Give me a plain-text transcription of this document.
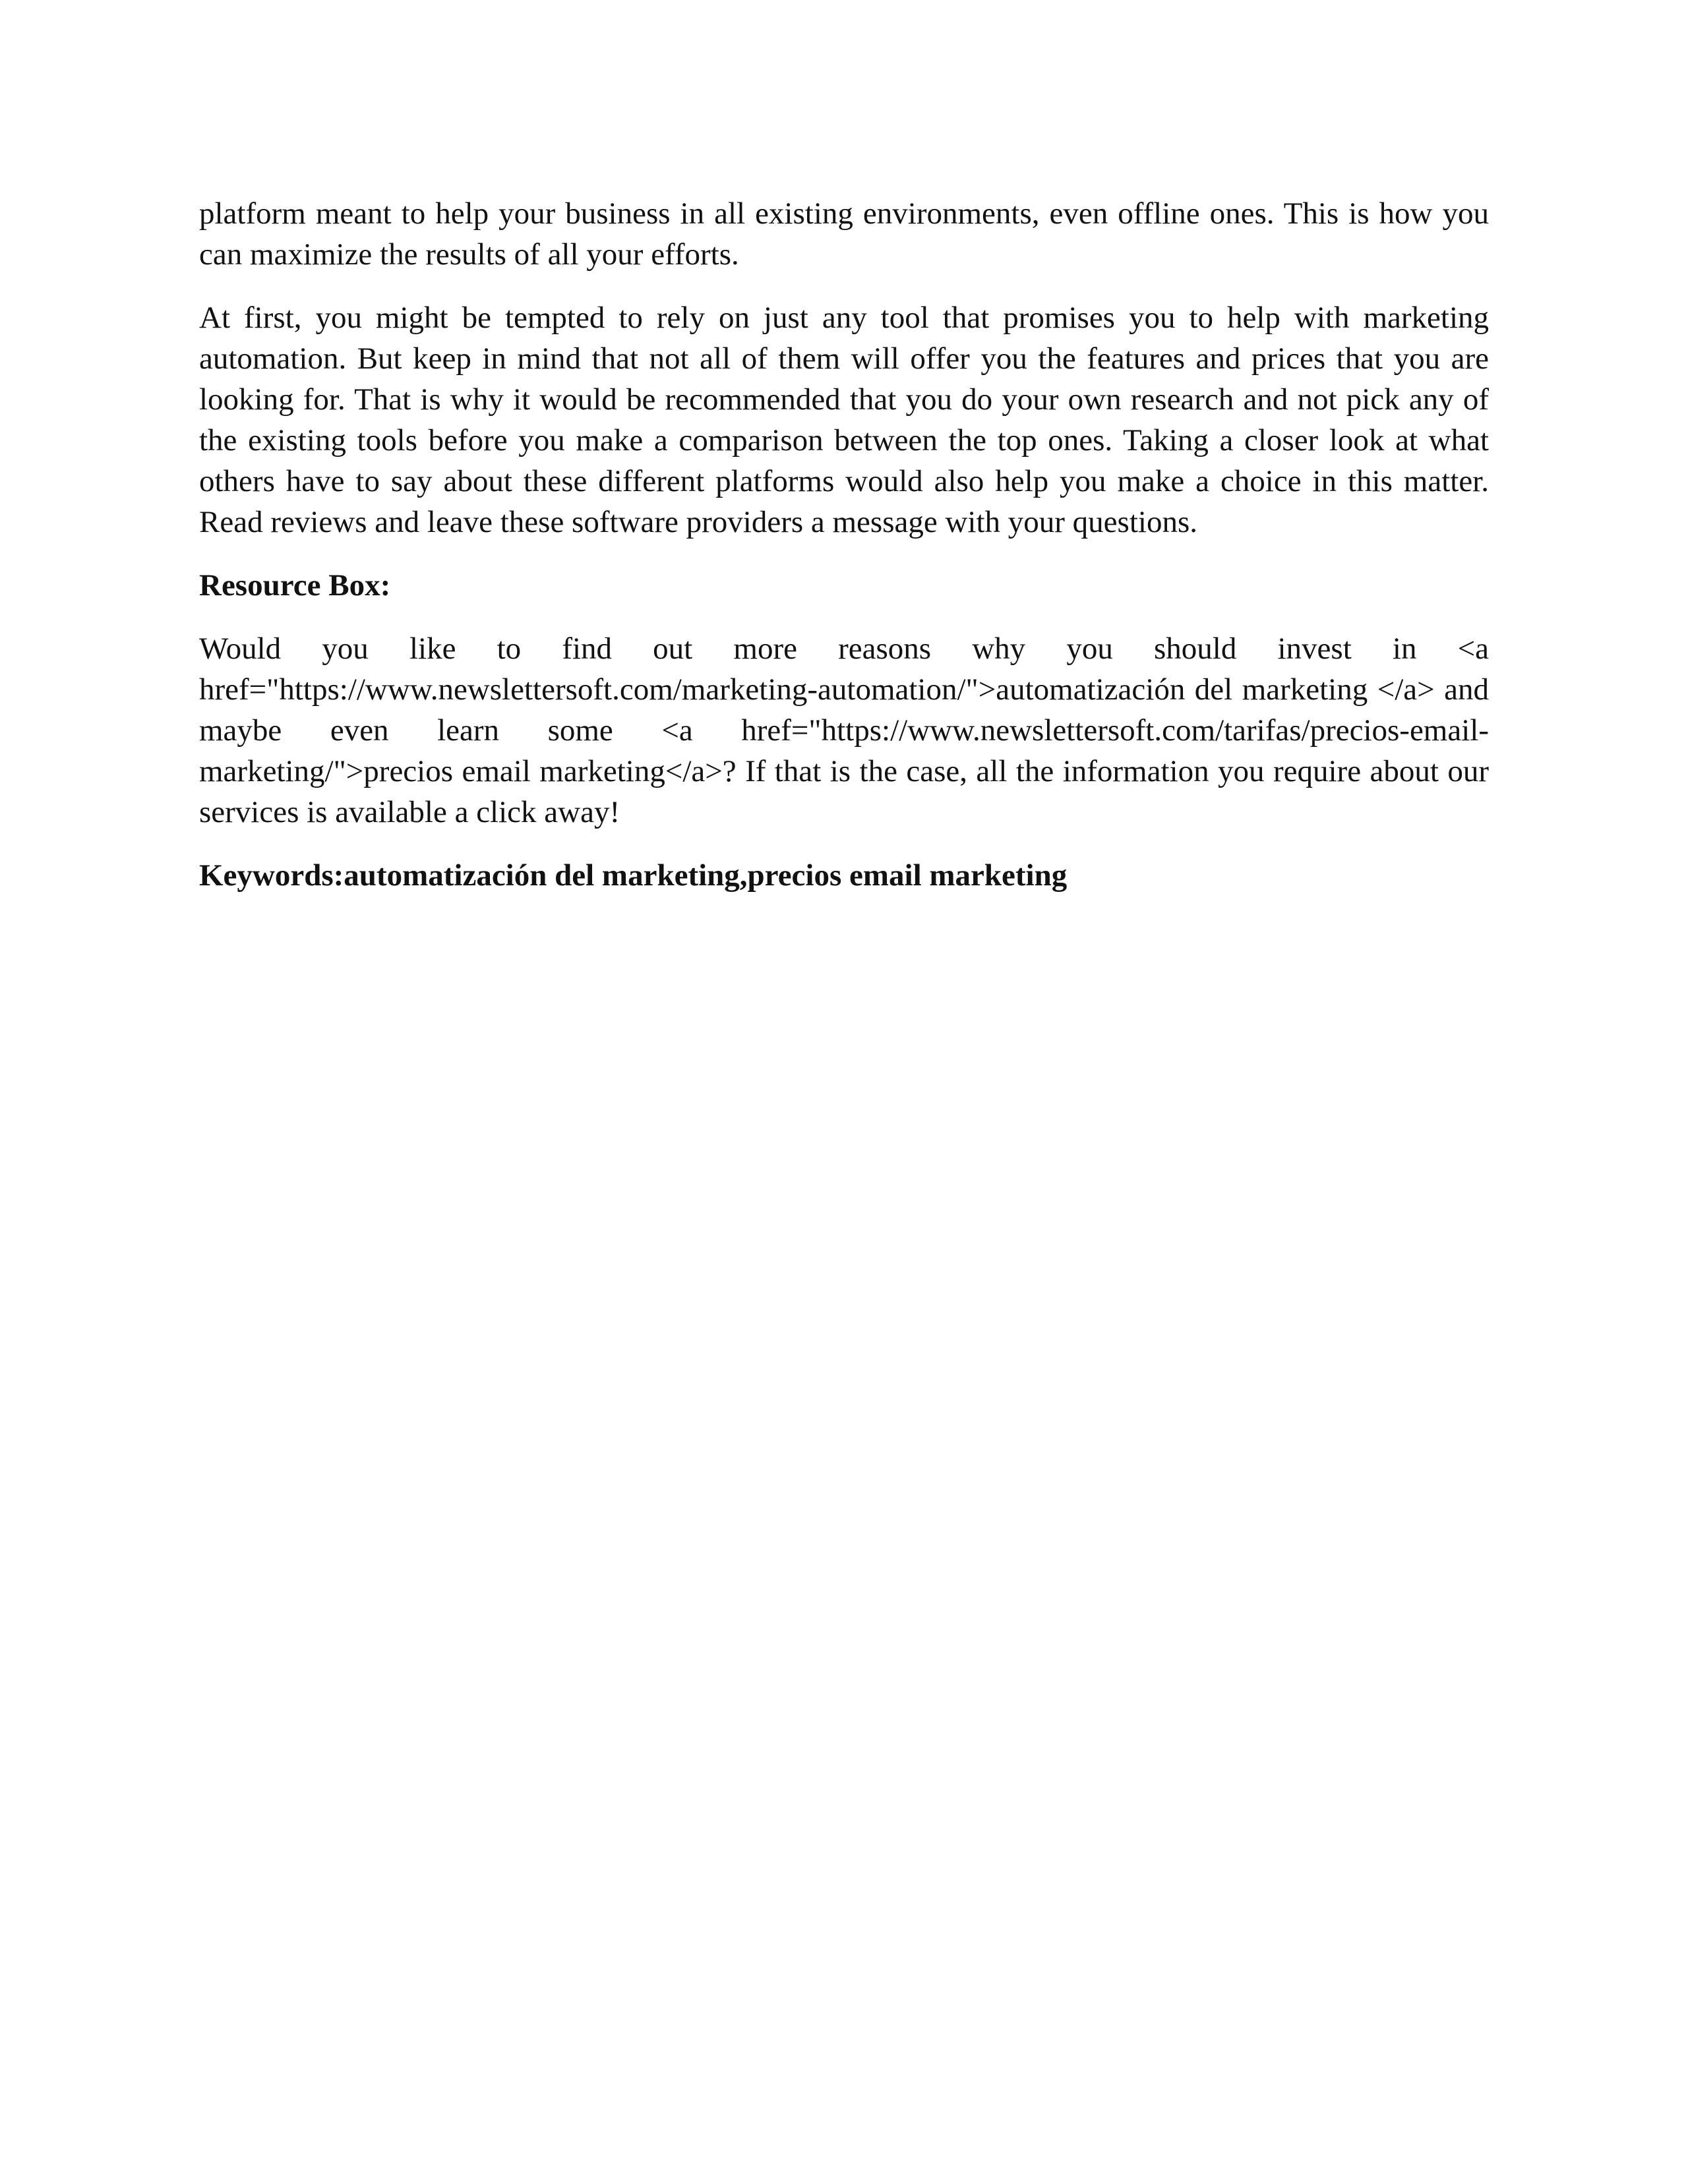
platform meant to help your business in all existing environments, even offline ones. This is how you can maximize the results of all your efforts.

At first, you might be tempted to rely on just any tool that promises you to help with marketing automation. But keep in mind that not all of them will offer you the features and prices that you are looking for. That is why it would be recommended that you do your own research and not pick any of the existing tools before you make a comparison between the top ones. Taking a closer look at what others have to say about these different platforms would also help you make a choice in this matter. Read reviews and leave these software providers a message with your questions.

Resource Box:

Would you like to find out more reasons why you should invest in <a href="https://www.newslettersoft.com/marketing-automation/">automatización del marketing </a> and maybe even learn some <a href="https://www.newslettersoft.com/tarifas/precios-email-marketing/">precios email marketing</a>? If that is the case, all the information you require about our services is available a click away!

Keywords:automatización del marketing,precios email marketing
